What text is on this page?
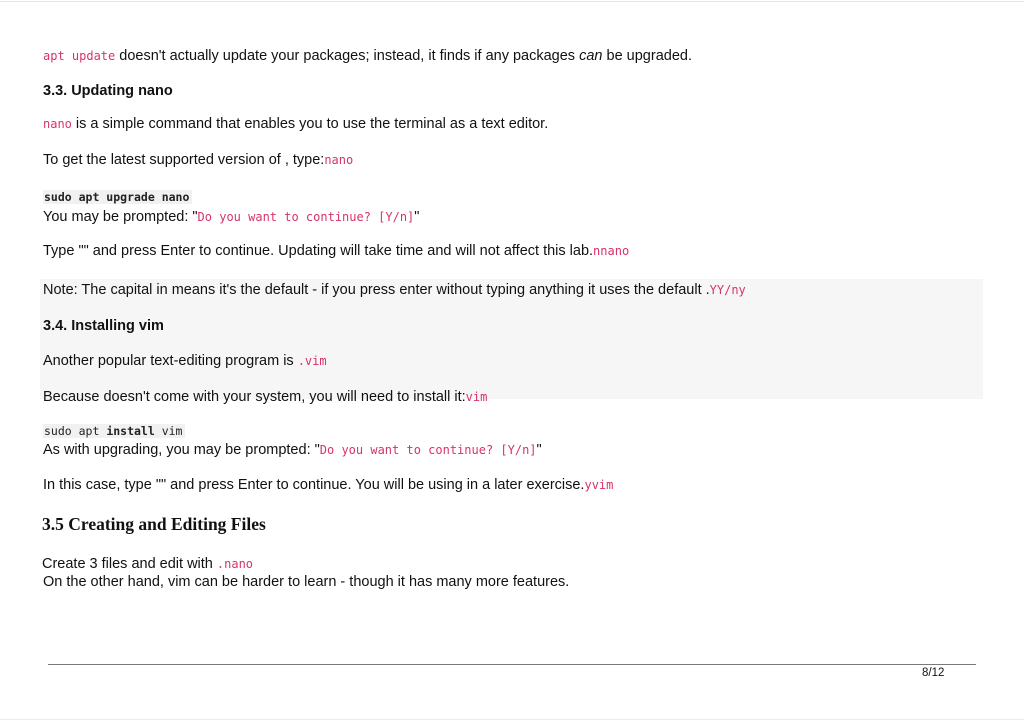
apt update doesn't actually update your packages; instead, it finds if any packages can be upgraded.
3.3. Updating nano
nano is a simple command that enables you to use the terminal as a text editor.
To get the latest supported version of , type:nano
sudo apt upgrade nano
You may be prompted: "Do you want to continue? [Y/n]"
Type "" and press Enter to continue. Updating will take time and will not affect this lab.nnano
Note: The capital in means it's the default - if you press enter without typing anything it uses the default .YY/ny
3.4. Installing vim
Another popular text-editing program is .vim
Because doesn't come with your system, you will need to install it:vim
sudo apt install vim
As with upgrading, you may be prompted: "Do you want to continue? [Y/n]"
In this case, type "" and press Enter to continue. You will be using in a later exercise.yvim
3.5 Creating and Editing Files
Create 3 files and edit with .nano
On the other hand, vim can be harder to learn - though it has many more features.
8/12
